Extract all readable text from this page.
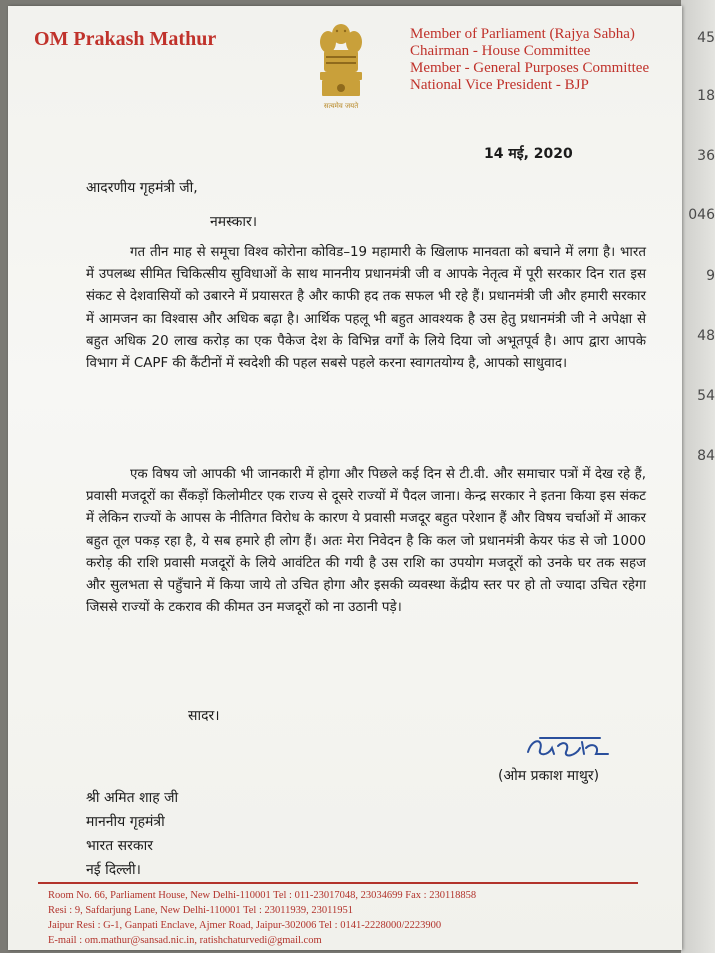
45
18
36
046
9
48
54
84
OM Prakash Mathur
सत्यमेव जयते
Member of Parliament (Rajya Sabha)
Chairman - House Committee
Member - General Purposes Committee
National Vice President - BJP
14 मई, 2020
आदरणीय गृहमंत्री जी,
नमस्कार।

गत तीन माह से समूचा विश्व कोरोना कोविड–19 महामारी के खिलाफ मानवता को बचाने में लगा है। भारत में उपलब्ध सीमित चिकित्सीय सुविधाओं के साथ माननीय प्रधानमंत्री जी व आपके नेतृत्व में पूरी सरकार दिन रात इस संकट से देशवासियों को उबारने में प्रयासरत है और काफी हद तक सफल भी रहे हैं। प्रधानमंत्री जी और हमारी सरकार में आमजन का विश्वास और अधिक बढ़ा है। आर्थिक पहलू भी बहुत आवश्यक है उस हेतु प्रधानमंत्री जी ने अपेक्षा से बहुत अधिक 20 लाख करोड़ का एक पैकेज देश के विभिन्न वर्गों के लिये दिया जो अभूतपूर्व है। आप द्वारा आपके विभाग में CAPF की कैंटीनों में स्वदेशी की पहल सबसे पहले करना स्वागतयोग्य है, आपको साधुवाद।

एक विषय जो आपकी भी जानकारी में होगा और पिछले कई दिन से टी.वी. और समाचार पत्रों में देख रहे हैं, प्रवासी मजदूरों का सैंकड़ों किलोमीटर एक राज्य से दूसरे राज्यों में पैदल जाना। केन्द्र सरकार ने इतना किया इस संकट में लेकिन राज्यों के आपस के नीतिगत विरोध के कारण ये प्रवासी मजदूर बहुत परेशान हैं और विषय चर्चाओं में आकर बहुत तूल पकड़ रहा है, ये सब हमारे ही लोग हैं। अतः मेरा निवेदन है कि कल जो प्रधानमंत्री केयर फंड से जो 1000 करोड़ की राशि प्रवासी मजदूरों के लिये आवंटित की गयी है उस राशि का उपयोग मजदूरों को उनके घर तक सहज और सुलभता से पहुँचाने में किया जाये तो उचित होगा और इसकी व्यवस्था केंद्रीय स्तर पर हो तो ज्यादा उचित रहेगा जिससे राज्यों के टकराव की कीमत उन मजदूरों को ना उठानी पड़े।

सादर।
(ओम प्रकाश माथुर)
श्री अमित शाह जी
माननीय गृहमंत्री
भारत सरकार
नई दिल्ली।
Room No. 66, Parliament House, New Delhi-110001 Tel : 011-23017048, 23034699 Fax : 230118858
Resi : 9, Safdarjung Lane, New Delhi-110001 Tel : 23011939, 23011951
Jaipur Resi : G-1, Ganpati Enclave, Ajmer Road, Jaipur-302006 Tel : 0141-2228000/2223900
E-mail : om.mathur@sansad.nic.in, ratishchaturvedi@gmail.com
